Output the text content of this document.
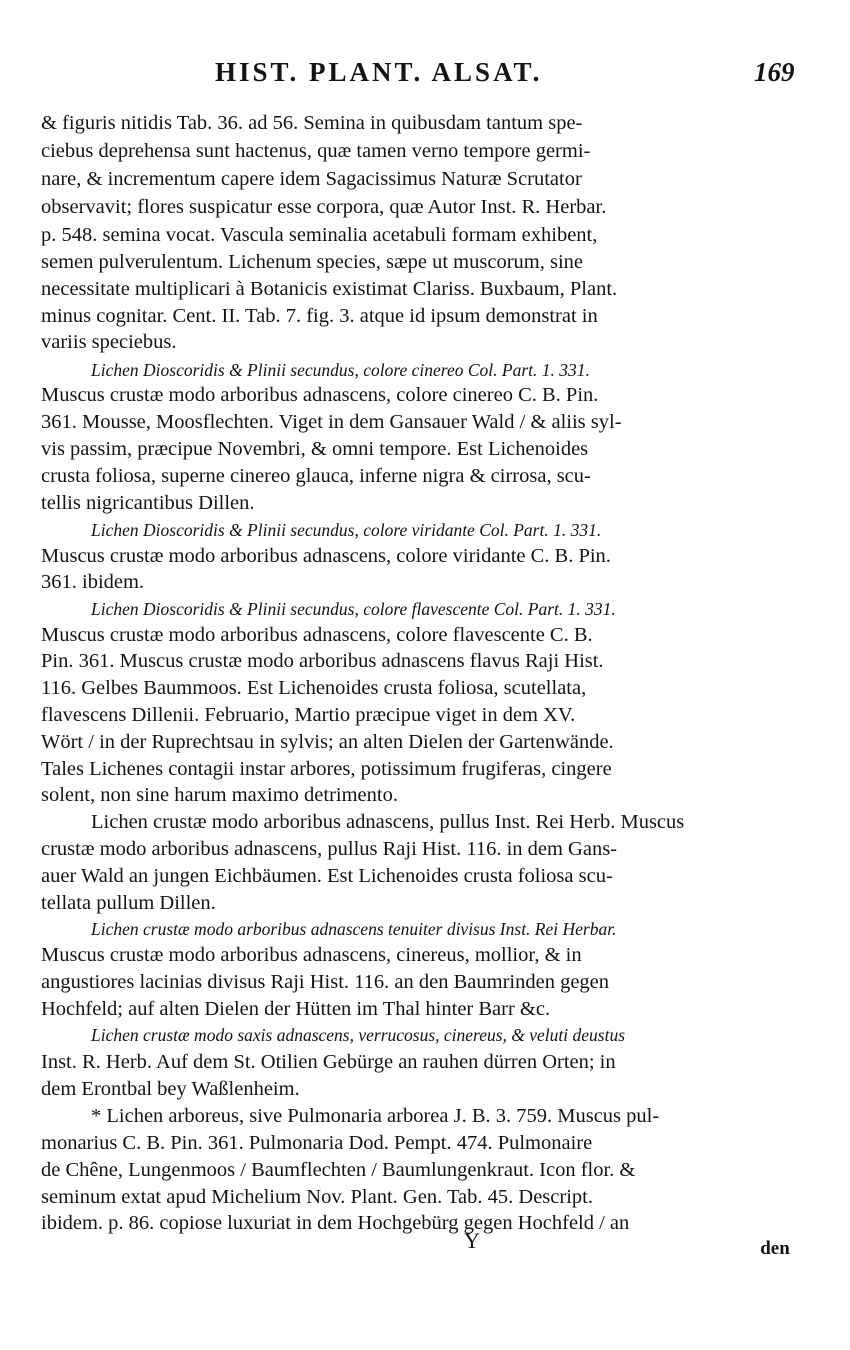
HIST. PLANT. ALSAT.	169
& figuris nitidis Tab. 36. ad 56. Semina in quibusdam tantum spe-
ciebus deprehensa sunt hactenus, quæ tamen verno tempore germi-
nare, & incrementum capere idem Sagacissimus Naturæ Scrutator
observavit; flores suspicatur esse corpora, quæ Autor Inst. R. Herbar.
p. 548. semina vocat. Vascula seminalia acetabuli formam exhibent,
semen pulverulentum. Lichenum species, sæpe ut muscorum, sine
necessitate multiplicari à Botanicis existimat Clariss. Buxbaum, Plant.
minus cognitar. Cent. II. Tab. 7. fig. 3. atque id ipsum demonstrat in
variis speciebus.
Lichen Dioscoridis & Plinii secundus, colore cinereo Col. Part. 1. 331.
Muscus crustæ modo arboribus adnascens, colore cinereo C. B. Pin.
361. Mousse, Moosflechten. Viget in dem Gansauer Wald / & aliis syl-
vis passim, præcipue Novembri, & omni tempore. Est Lichenoides
crusta foliosa, superne cinereo glauca, inferne nigra & cirrosa, scu-
tellis nigricantibus Dillen.
Lichen Dioscoridis & Plinii secundus, colore viridante Col. Part. 1. 331.
Muscus crustæ modo arboribus adnascens, colore viridante C. B. Pin.
361. ibidem.
Lichen Dioscoridis & Plinii secundus, colore flavescente Col. Part. 1. 331.
Muscus crustæ modo arboribus adnascens, colore flavescente C. B.
Pin. 361. Muscus crustæ modo arboribus adnascens flavus Raji Hist.
116. Gelbes Baummoos. Est Lichenoides crusta foliosa, scutellata,
flavescens Dillenii. Februario, Martio præcipue viget in dem XV.
Wört / in der Ruprechtsau in sylvis; an alten Dielen der Gartenwände.
Tales Lichenes contagii instar arbores, potissimum frugiferas, cingere
solent, non sine harum maximo detrimento.
Lichen crustæ modo arboribus adnascens, pullus Inst. Rei Herb. Muscus
crustæ modo arboribus adnascens, pullus Raji Hist. 116. in dem Gans-
auer Wald an jungen Eichbäumen. Est Lichenoides crusta foliosa scu-
tellata pullum Dillen.
Lichen crustæ modo arboribus adnascens tenuiter divisus Inst. Rei Herbar.
Muscus crustæ modo arboribus adnascens, cinereus, mollior, & in
angustiores lacinias divisus Raji Hist. 116. an den Baumrinden gegen
Hochfeld; auf alten Dielen der Hütten im Thal hinter Barr &c.
Lichen crustæ modo saxis adnascens, verrucosus, cinereus, & veluti deustus
Inst. R. Herb. Auf dem St. Otilien Gebürge an rauhen dürren Orten; in
dem Erontbal bey Waßlenheim.
* Lichen arboreus, sive Pulmonaria arborea J. B. 3. 759. Muscus pul-
monarius C. B. Pin. 361. Pulmonaria Dod. Pempt. 474. Pulmonaire
de Chêne, Lungenmoos / Baumflechten / Baumlungenkraut. Icon flor. &
seminum extat apud Michelium Nov. Plant. Gen. Tab. 45. Descript.
ibidem. p. 86. copiose luxuriat in dem Hochgebürg gegen Hochfeld / an
Y	den
